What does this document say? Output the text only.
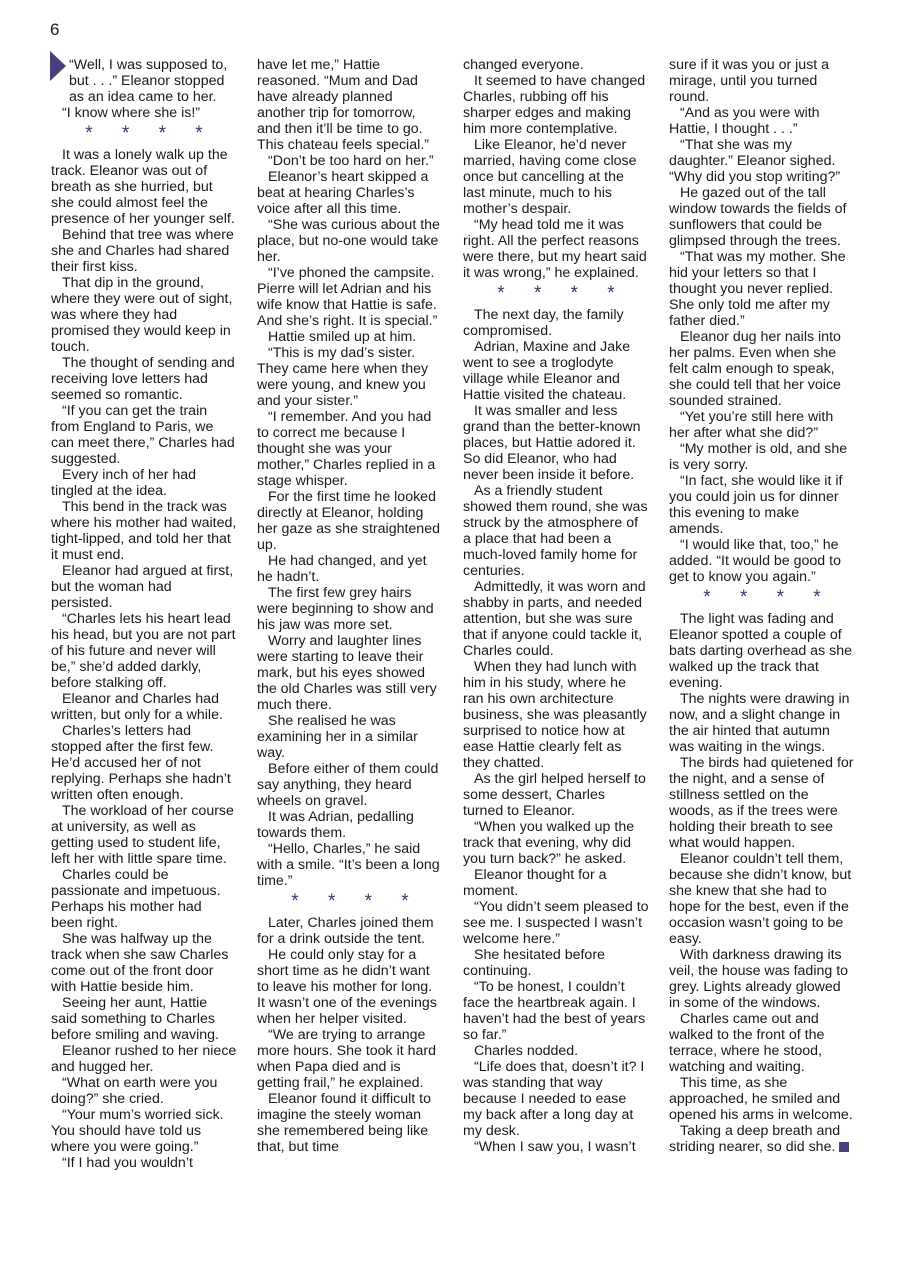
6

“Well, I was supposed to, but . . .” Eleanor stopped as an idea came to her.

“I know where she is!”

* * * *

It was a lonely walk up the track. Eleanor was out of breath as she hurried, but she could almost feel the presence of her younger self.

Behind that tree was where she and Charles had shared their first kiss.

That dip in the ground, where they were out of sight, was where they had promised they would keep in touch.

The thought of sending and receiving love letters had seemed so romantic.

“If you can get the train from England to Paris, we can meet there,” Charles had suggested.

Every inch of her had tingled at the idea.

This bend in the track was where his mother had waited, tight-lipped, and told her that it must end.

Eleanor had argued at first, but the woman had persisted.

“Charles lets his heart lead his head, but you are not part of his future and never will be,” she’d added darkly, before stalking off.

Eleanor and Charles had written, but only for a while.

Charles’s letters had stopped after the first few. He’d accused her of not replying. Perhaps she hadn’t written often enough.

The workload of her course at university, as well as getting used to student life, left her with little spare time.

Charles could be passionate and impetuous. Perhaps his mother had been right.

She was halfway up the track when she saw Charles come out of the front door with Hattie beside him.

Seeing her aunt, Hattie said something to Charles before smiling and waving.

Eleanor rushed to her niece and hugged her.

“What on earth were you doing?” she cried.

“Your mum’s worried sick. You should have told us where you were going.”

“If I had you wouldn’t

have let me,” Hattie reasoned. “Mum and Dad have already planned another trip for tomorrow, and then it’ll be time to go. This chateau feels special.”

“Don’t be too hard on her.”

Eleanor’s heart skipped a beat at hearing Charles’s voice after all this time.

“She was curious about the place, but no-one would take her.

“I’ve phoned the campsite. Pierre will let Adrian and his wife know that Hattie is safe. And she’s right. It is special.”

Hattie smiled up at him.

“This is my dad’s sister. They came here when they were young, and knew you and your sister.”

“I remember. And you had to correct me because I thought she was your mother,” Charles replied in a stage whisper.

For the first time he looked directly at Eleanor, holding her gaze as she straightened up.

He had changed, and yet he hadn’t.

The first few grey hairs were beginning to show and his jaw was more set.

Worry and laughter lines were starting to leave their mark, but his eyes showed the old Charles was still very much there.

She realised he was examining her in a similar way.

Before either of them could say anything, they heard wheels on gravel.

It was Adrian, pedalling towards them.

“Hello, Charles,” he said with a smile. “It’s been a long time.”

* * * *

Later, Charles joined them for a drink outside the tent.

He could only stay for a short time as he didn’t want to leave his mother for long. It wasn’t one of the evenings when her helper visited.

“We are trying to arrange more hours. She took it hard when Papa died and is getting frail,” he explained.

Eleanor found it difficult to imagine the steely woman she remembered being like that, but time

changed everyone.

It seemed to have changed Charles, rubbing off his sharper edges and making him more contemplative.

Like Eleanor, he’d never married, having come close once but cancelling at the last minute, much to his mother’s despair.

“My head told me it was right. All the perfect reasons were there, but my heart said it was wrong,” he explained.

* * * *

The next day, the family compromised.

Adrian, Maxine and Jake went to see a troglodyte village while Eleanor and Hattie visited the chateau.

It was smaller and less grand than the better-known places, but Hattie adored it. So did Eleanor, who had never been inside it before.

As a friendly student showed them round, she was struck by the atmosphere of a place that had been a much-loved family home for centuries.

Admittedly, it was worn and shabby in parts, and needed attention, but she was sure that if anyone could tackle it, Charles could.

When they had lunch with him in his study, where he ran his own architecture business, she was pleasantly surprised to notice how at ease Hattie clearly felt as they chatted.

As the girl helped herself to some dessert, Charles turned to Eleanor.

“When you walked up the track that evening, why did you turn back?” he asked.

Eleanor thought for a moment.

“You didn’t seem pleased to see me. I suspected I wasn’t welcome here.”

She hesitated before continuing.

“To be honest, I couldn’t face the heartbreak again. I haven’t had the best of years so far.”

Charles nodded.

“Life does that, doesn’t it? I was standing that way because I needed to ease my back after a long day at my desk.

“When I saw you, I wasn’t

sure if it was you or just a mirage, until you turned round.

“And as you were with Hattie, I thought . . .”

“That she was my daughter.” Eleanor sighed. “Why did you stop writing?”

He gazed out of the tall window towards the fields of sunflowers that could be glimpsed through the trees.

“That was my mother. She hid your letters so that I thought you never replied. She only told me after my father died.”

Eleanor dug her nails into her palms. Even when she felt calm enough to speak, she could tell that her voice sounded strained.

“Yet you’re still here with her after what she did?”

“My mother is old, and she is very sorry.

“In fact, she would like it if you could join us for dinner this evening to make amends.

“I would like that, too,” he added. “It would be good to get to know you again.”

* * * *

The light was fading and Eleanor spotted a couple of bats darting overhead as she walked up the track that evening.

The nights were drawing in now, and a slight change in the air hinted that autumn was waiting in the wings.

The birds had quietened for the night, and a sense of stillness settled on the woods, as if the trees were holding their breath to see what would happen.

Eleanor couldn’t tell them, because she didn’t know, but she knew that she had to hope for the best, even if the occasion wasn’t going to be easy.

With darkness drawing its veil, the house was fading to grey. Lights already glowed in some of the windows.

Charles came out and walked to the front of the terrace, where he stood, watching and waiting.

This time, as she approached, he smiled and opened his arms in welcome.

Taking a deep breath and striding nearer, so did she.
